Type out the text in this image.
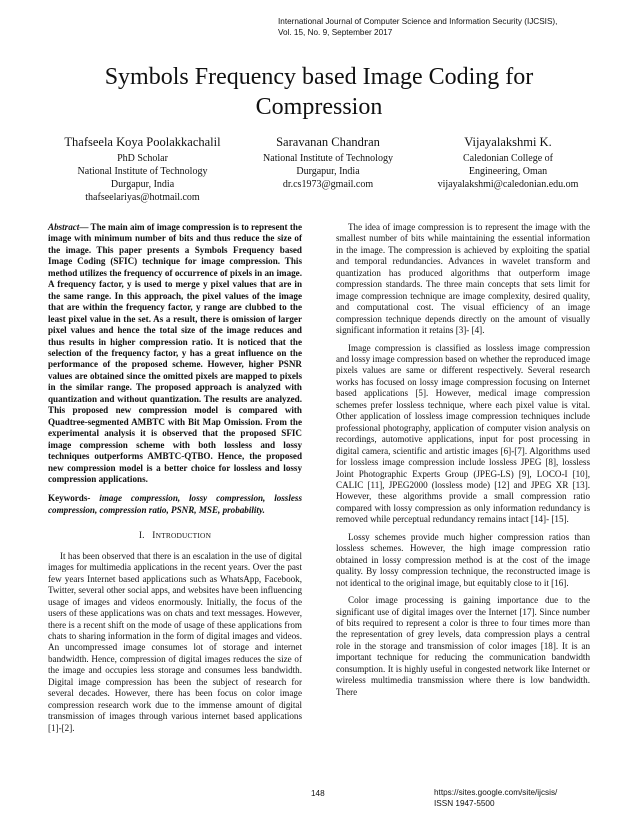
International Journal of Computer Science and Information Security (IJCSIS),
Vol. 15, No. 9, September 2017
Symbols Frequency based Image Coding for
Compression
Thafseela Koya Poolakkachalil
PhD Scholar
National Institute of Technology
Durgapur, India
thafseelariyas@hotmail.com
Saravanan Chandran
National Institute of Technology
Durgapur, India
dr.cs1973@gmail.com
Vijayalakshmi K.
Caledonian College of
Engineering, Oman
vijayalakshmi@caledonian.edu.om

Abstract— The main aim of image compression is to represent the image with minimum number of bits and thus reduce the size of the image. This paper presents a Symbols Frequency based Image Coding (SFIC) technique for image compression. This method utilizes the frequency of occurrence of pixels in an image. A frequency factor, y is used to merge y pixel values that are in the same range. In this approach, the pixel values of the image that are within the frequency factor, y range are clubbed to the least pixel value in the set. As a result, there is omission of larger pixel values and hence the total size of the image reduces and thus results in higher compression ratio. It is noticed that the selection of the frequency factor, y has a great influence on the performance of the proposed scheme. However, higher PSNR values are obtained since the omitted pixels are mapped to pixels in the similar range. The proposed approach is analyzed with quantization and without quantization. The results are analyzed. This proposed new compression model is compared with Quadtree-segmented AMBTC with Bit Map Omission. From the experimental analysis it is observed that the proposed SFIC image compression scheme with both lossless and lossy techniques outperforms AMBTC-QTBO. Hence, the proposed new compression model is a better choice for lossless and lossy compression applications.

Keywords- image compression, lossy compression, lossless compression, compression ratio, PSNR, MSE, probability.

I. INTRODUCTION

It has been observed that there is an escalation in the use of digital images for multimedia applications in the recent years. Over the past few years Internet based applications such as WhatsApp, Facebook, Twitter, several other social apps, and websites have been influencing usage of images and videos enormously. Initially, the focus of the users of these applications was on chats and text messages. However, there is a recent shift on the mode of usage of these applications from chats to sharing information in the form of digital images and videos. An uncompressed image consumes lot of storage and internet bandwidth. Hence, compression of digital images reduces the size of the image and occupies less storage and consumes less bandwidth. Digital image compression has been the subject of research for several decades. However, there has been focus on color image compression research work due to the immense amount of digital transmission of images through various internet based applications [1]-[2].

The idea of image compression is to represent the image with the smallest number of bits while maintaining the essential information in the image. The compression is achieved by exploiting the spatial and temporal redundancies. Advances in wavelet transform and quantization has produced algorithms that outperform image compression standards. The three main concepts that sets limit for image compression technique are image complexity, desired quality, and computational cost. The visual efficiency of an image compression technique depends directly on the amount of visually significant information it retains [3]- [4].

Image compression is classified as lossless image compression and lossy image compression based on whether the reproduced image pixels values are same or different respectively. Several research works has focused on lossy image compression focusing on Internet based applications [5]. However, medical image compression schemes prefer lossless technique, where each pixel value is vital. Other application of lossless image compression techniques include professional photography, application of computer vision analysis on recordings, automotive applications, input for post processing in digital camera, scientific and artistic images [6]-[7]. Algorithms used for lossless image compression include lossless JPEG [8], lossless Joint Photographic Experts Group (JPEG-LS) [9], LOCO-I [10], CALIC [11], JPEG2000 (lossless mode) [12] and JPEG XR [13]. However, these algorithms provide a small compression ratio compared with lossy compression as only information redundancy is removed while perceptual redundancy remains intact [14]- [15].

Lossy schemes provide much higher compression ratios than lossless schemes. However, the high image compression ratio obtained in lossy compression method is at the cost of the image quality. By lossy compression technique, the reconstructed image is not identical to the original image, but equitably close to it [16].

Color image processing is gaining importance due to the significant use of digital images over the Internet [17]. Since number of bits required to represent a color is three to four times more than the representation of grey levels, data compression plays a central role in the storage and transmission of color images [18]. It is an important technique for reducing the communication bandwidth consumption. It is highly useful in congested network like Internet or wireless multimedia transmission where there is low bandwidth. There

148	https://sites.google.com/site/ijcsis/
ISSN 1947-5500
